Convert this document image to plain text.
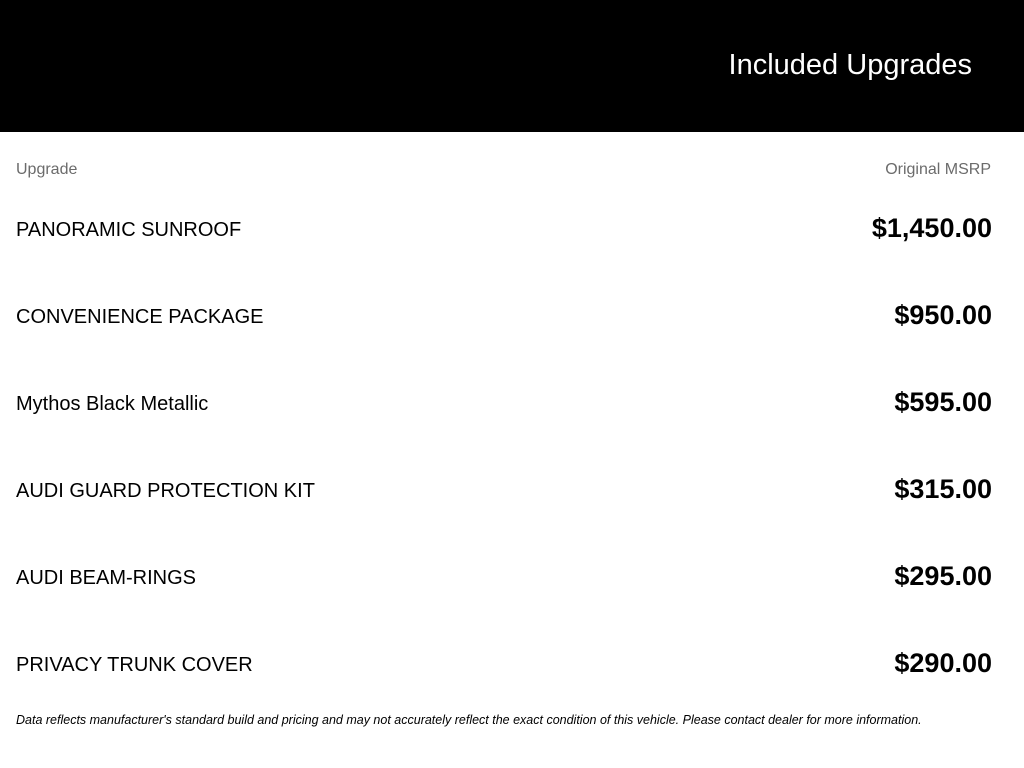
Included Upgrades
Upgrade	Original MSRP
PANORAMIC SUNROOF	$1,450.00
CONVENIENCE PACKAGE	$950.00
Mythos Black Metallic	$595.00
AUDI GUARD PROTECTION KIT	$315.00
AUDI BEAM-RINGS	$295.00
PRIVACY TRUNK COVER	$290.00
Data reflects manufacturer's standard build and pricing and may not accurately reflect the exact condition of this vehicle. Please contact dealer for more information.
